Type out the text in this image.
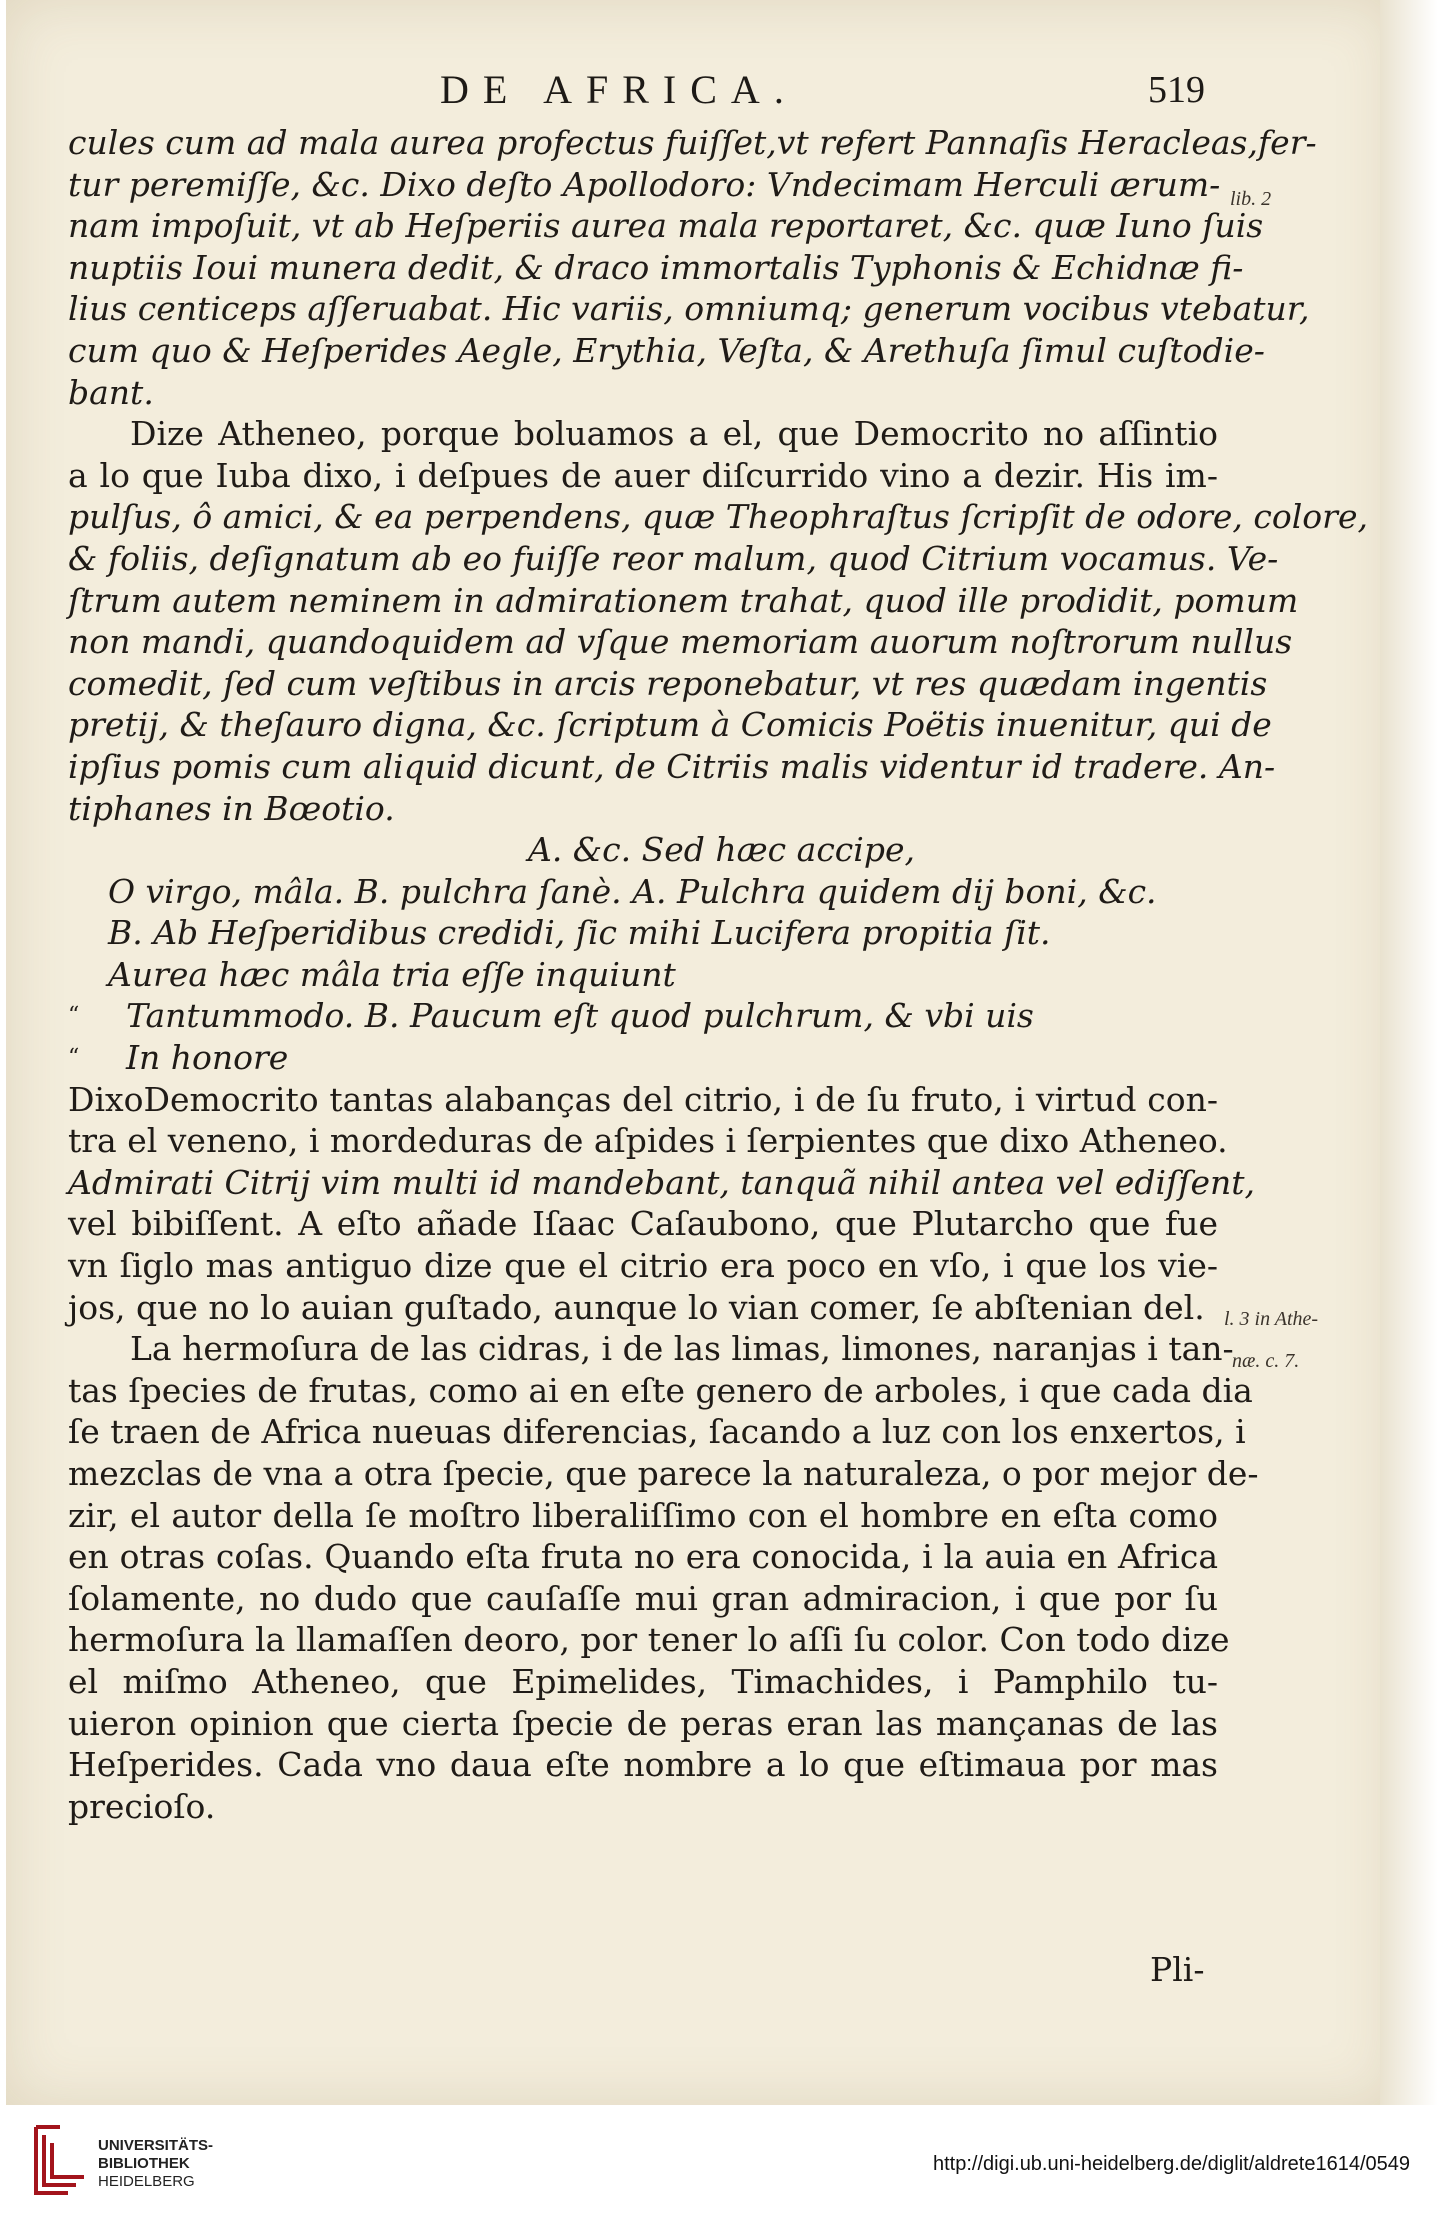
DE AFRICA.	519
cules cum ad mala aurea profectus fuiſſet,vt refert Pannaſis Heracleas,fer-
tur peremiſſe, &c. Dixo deſto Apollodoro: Vndecimam Herculi ærum-
nam impoſuit, vt ab Heſperiis aurea mala reportaret, &c. quæ Iuno ſuis
nuptiis Ioui munera dedit, & draco immortalis Typhonis & Echidnæ fi-
lius centiceps aſſeruabat. Hic variis, omniumq; generum vocibus vtebatur,
cum quo & Heſperides Aegle, Erythia, Veſta, & Arethuſa ſimul cuſtodie-
bant.
Dize Atheneo, porque boluamos a el, que Democrito no aſſintio
a lo que Iuba dixo, i deſpues de auer diſcurrido vino a dezir. His im-
pulſus, ô amici, & ea perpendens, quæ Theophraſtus ſcripſit de odore, colore,
& foliis, deſignatum ab eo fuiſſe reor malum, quod Citrium vocamus. Ve-
ſtrum autem neminem in admirationem trahat, quod ille prodidit, pomum
non mandi, quandoquidem ad vſque memoriam auorum noſtrorum nullus
comedit, ſed cum veſtibus in arcis reponebatur, vt res quædam ingentis
pretij, & theſauro digna, &c. ſcriptum à Comicis Poëtis inuenitur, qui de
ipſius pomis cum aliquid dicunt, de Citriis malis videntur id tradere. An-
tiphanes in Bœotio.
A. &c. Sed hæc accipe,
O virgo, mâla. B. pulchra ſanè. A. Pulchra quidem dij boni, &c.
B. Ab Heſperidibus credidi, ſic mihi Lucifera propitia ſit.
Aurea hæc mâla tria eſſe inquiunt
“ Tantummodo. B. Paucum eſt quod pulchrum, & vbi uis
“ In honore
DixoDemocrito tantas alabanças del citrio, i de ſu fruto, i virtud con-
tra el veneno, i mordeduras de aſpides i ſerpientes que dixo Atheneo.
Admirati Citrij vim multi id mandebant, tanquã nihil antea vel ediſſent,
vel bibiſſent. A eſto añade Iſaac Caſaubono, que Plutarcho que fue
vn ſiglo mas antiguo dize que el citrio era poco en vſo, i que los vie-
jos, que no lo auian guſtado, aunque lo vian comer, ſe abſtenian del.
La hermoſura de las cidras, i de las limas, limones, naranjas i tan-
tas ſpecies de frutas, como ai en eſte genero de arboles, i que cada dia
ſe traen de Africa nueuas diferencias, ſacando a luz con los enxertos, i
mezclas de vna a otra ſpecie, que parece la naturaleza, o por mejor de-
zir, el autor della ſe moſtro liberaliſſimo con el hombre en eſta como
en otras coſas. Quando eſta fruta no era conocida, i la auia en Africa
ſolamente, no dudo que cauſaſſe mui gran admiracion, i que por ſu
hermoſura la llamaſſen deoro, por tener lo aſſi ſu color. Con todo dize
el miſmo Atheneo, que Epimelides, Timachides, i Pamphilo tu-
uieron opinion que cierta ſpecie de peras eran las mançanas de las
Heſperides. Cada vno daua eſte nombre a lo que eſtimaua por mas
precioſo.
lib. 2
l. 3 in Athe-
næ. c. 7.
Pli-
UNIVERSITÄTS-
BIBLIOTHEK
HEIDELBERG
http://digi.ub.uni-heidelberg.de/diglit/aldrete1614/0549
